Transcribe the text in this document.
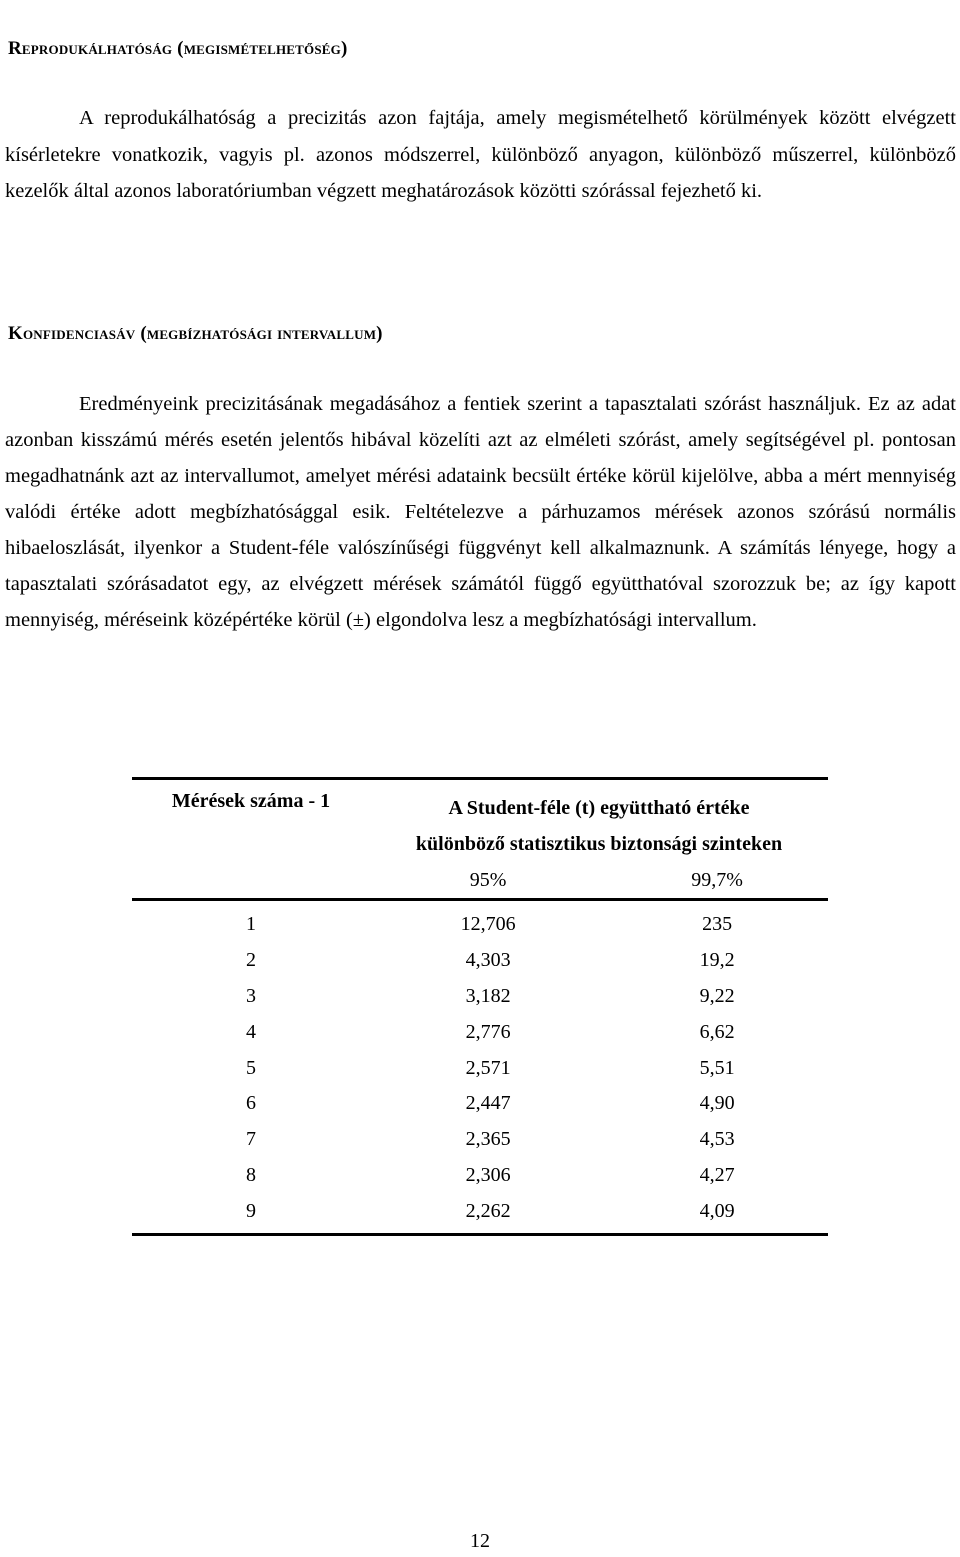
Reprodukálhatóság (megismételhetőség)

A reprodukálhatóság a precizitás azon fajtája, amely megismételhető körülmények között elvégzett kísérletekre vonatkozik, vagyis pl. azonos módszerrel, különböző anyagon, különböző műszerrel, különböző kezelők által azonos laboratóriumban végzett meghatározások közötti szórással fejezhető ki.

Konfidenciasáv (megbízhatósági intervallum)

Eredményeink precizitásának megadásához a fentiek szerint a tapasztalati szórást használjuk. Ez az adat azonban kisszámú mérés esetén jelentős hibával közelíti azt az elméleti szórást, amely segítségével pl. pontosan megadhatnánk azt az intervallumot, amelyet mérési adataink becsült értéke körül kijelölve, abba a mért mennyiség valódi értéke adott megbízhatósággal esik. Feltételezve a párhuzamos mérések azonos szórású normális hibaeloszlását, ilyenkor a Student-féle valószínűségi függvényt kell alkalmaznunk. A számítás lényege, hogy a tapasztalati szórásadatot egy, az elvégzett mérések számától függő együtthatóval szorozzuk be; az így kapott mennyiség, méréseink középértéke körül (±) elgondolva lesz a megbízhatósági intervallum.

Mérések száma - 1	A Student-féle (t) együttható értéke	
	különböző statisztikus biztonsági szinteken	
	95%	99,7%
1	12,706	235
2	4,303	19,2
3	3,182	9,22
4	2,776	6,62
5	2,571	5,51
6	2,447	4,90
7	2,365	4,53
8	2,306	4,27
9	2,262	4,09
12
